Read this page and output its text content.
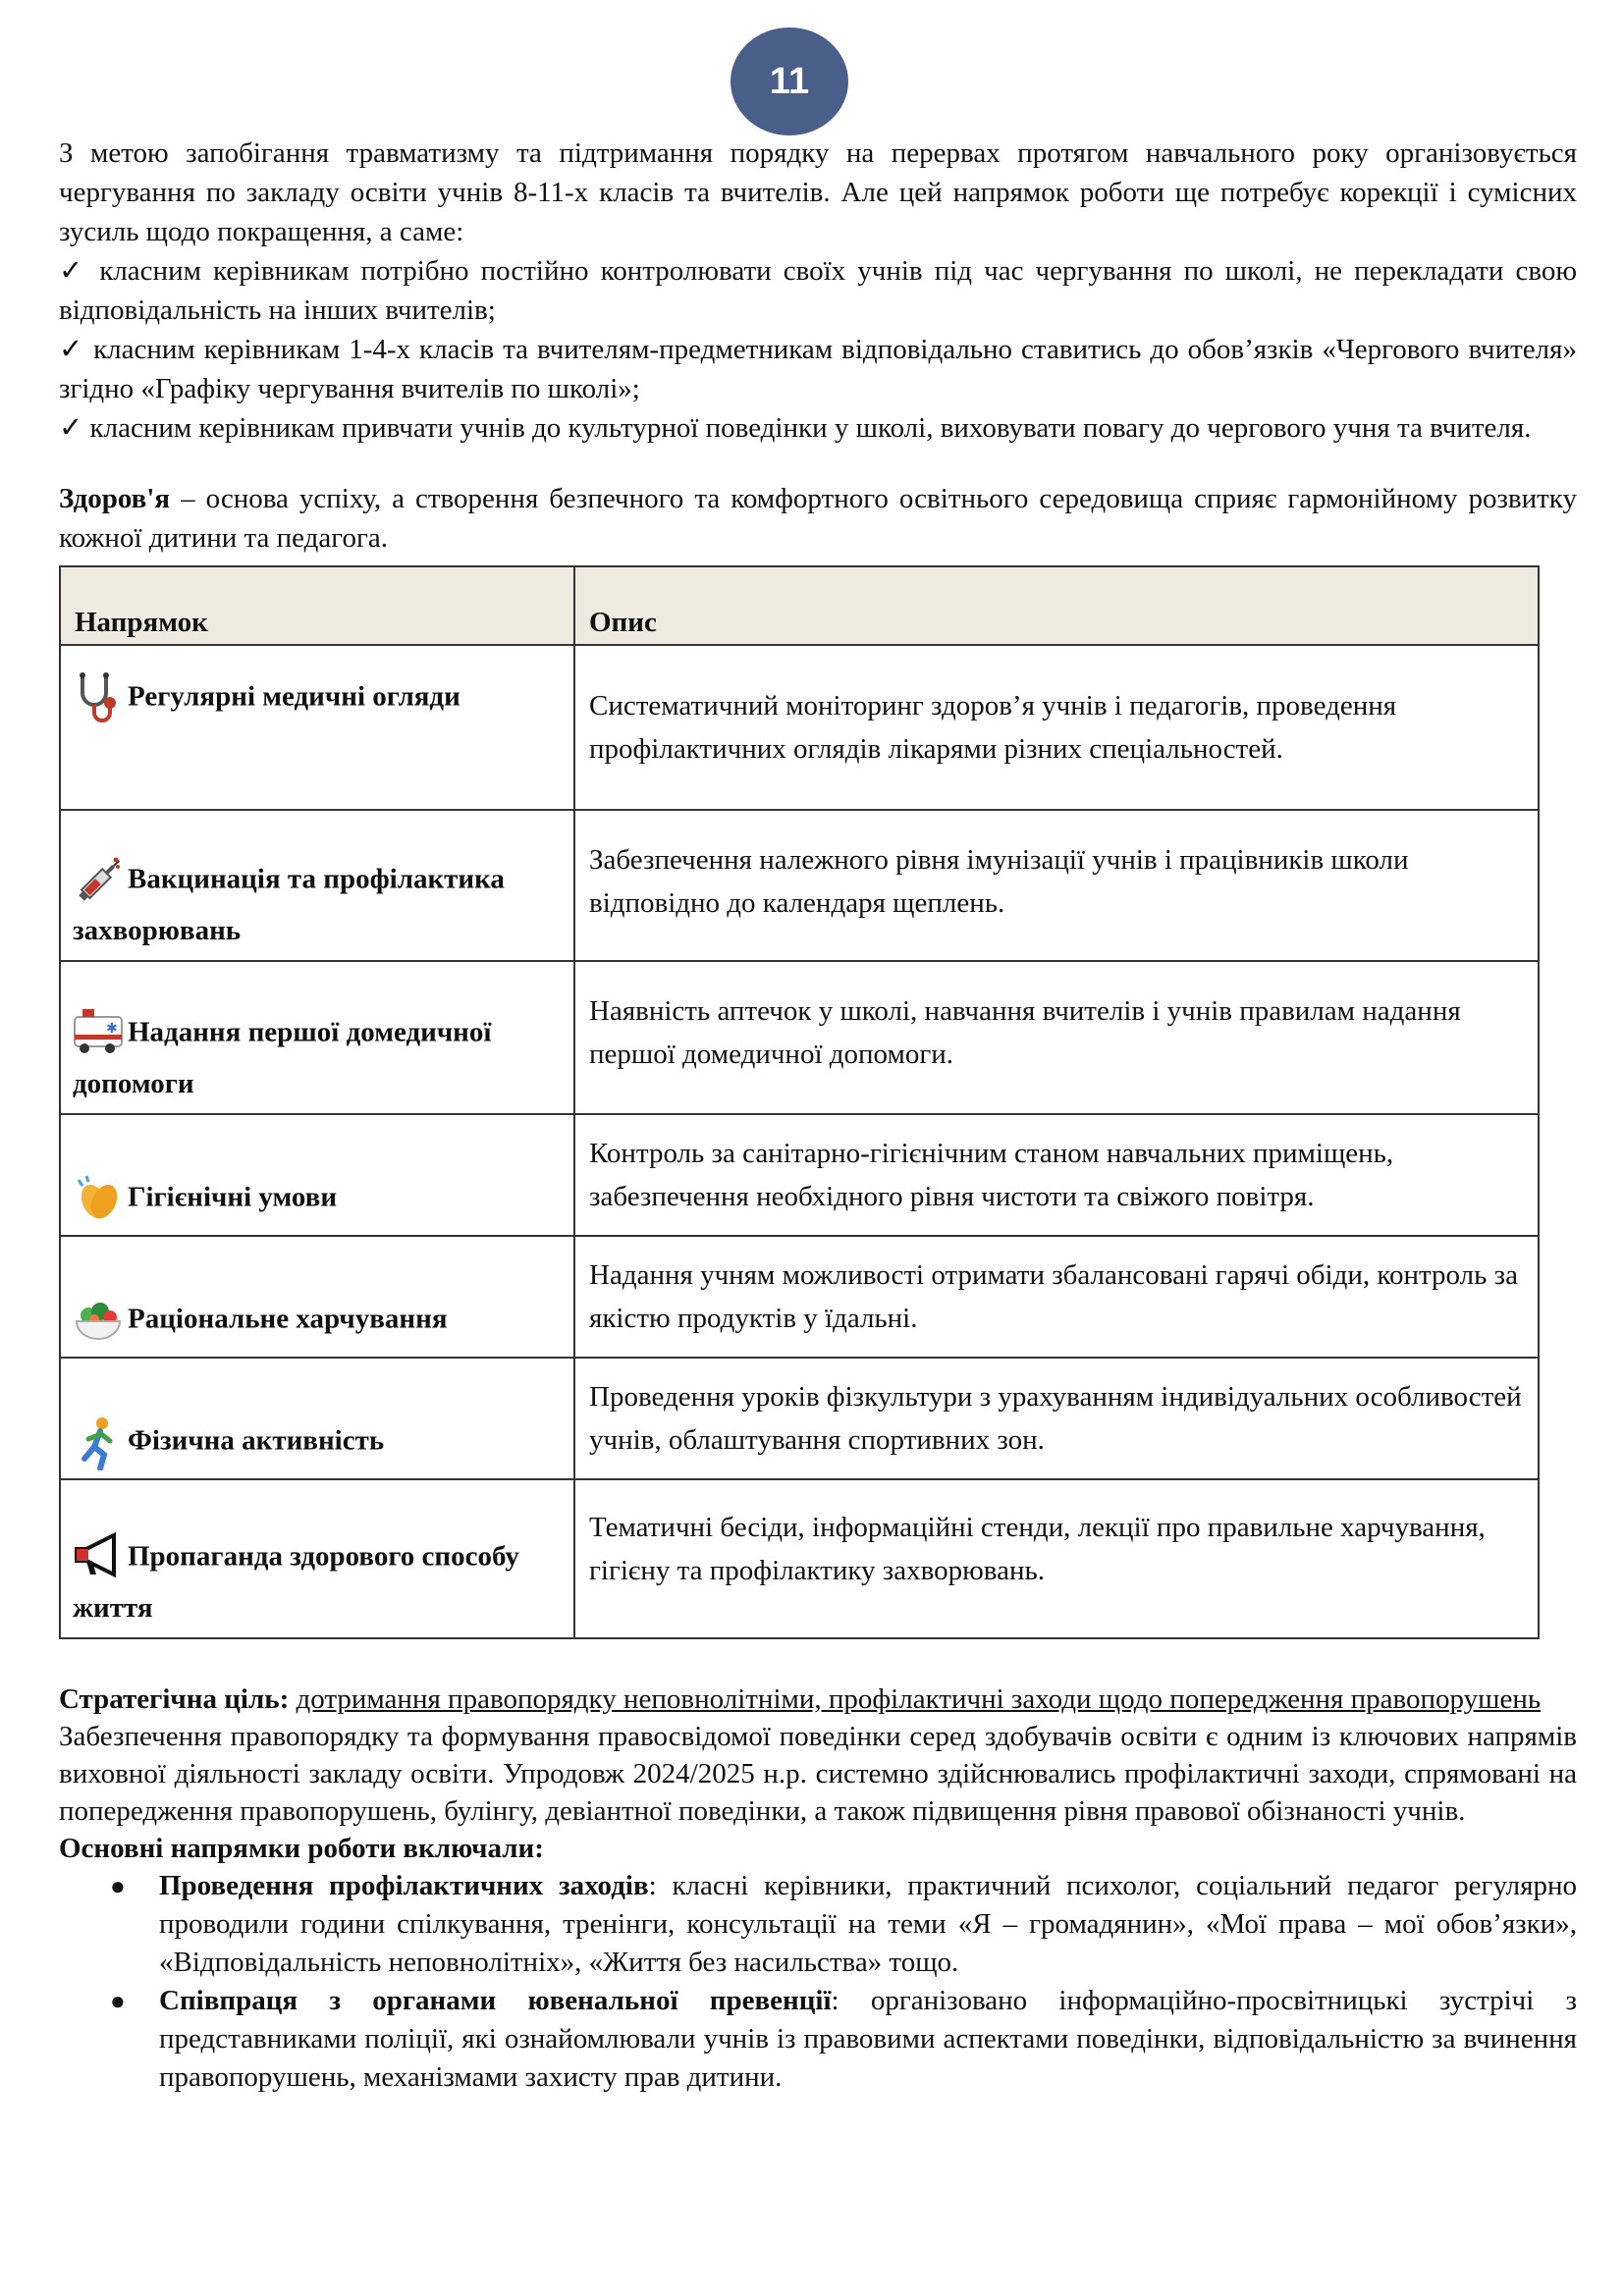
11

З метою запобігання травматизму та підтримання порядку на перервах протягом навчального року організовується чергування по закладу освіти учнів 8-11-х класів та вчителів. Але цей напрямок роботи ще потребує корекції і сумісних зусиль щодо покращення, а саме:

✓ класним керівникам потрібно постійно контролювати своїх учнів під час чергування по школі, не перекладати свою відповідальність на інших вчителів;

✓ класним керівникам 1-4-х класів та вчителям-предметникам відповідально ставитись до обов’язків «Чергового вчителя» згідно «Графіку чергування вчителів по школі»;

✓ класним керівникам привчати учнів до культурної поведінки у школі, виховувати повагу до чергового учня та вчителя.

Здоров'я – основа успіху, а створення безпечного та комфортного освітнього середовища сприяє гармонійному розвитку кожної дитини та педагога.

Напрямок	Опис
Регулярні медичні огляди	Систематичний моніторинг здоров’я учнів і педагогів, проведення профілактичних оглядів лікарями різних спеціальностей.
Вакцинація та профілактика захворювань	Забезпечення належного рівня імунізації учнів і працівників школи відповідно до календаря щеплень.

✱ Надання першої домедичної допомоги	Наявність аптечок у школі, навчання вчителів і учнів правилам надання першої домедичної допомоги.
Гігієнічні умови	Контроль за санітарно-гігієнічним станом навчальних приміщень, забезпечення необхідного рівня чистоти та свіжого повітря.
Раціональне харчування	Надання учням можливості отримати збалансовані гарячі обіди, контроль за якістю продуктів у їдальні.
Фізична активність	Проведення уроків фізкультури з урахуванням індивідуальних особливостей учнів, облаштування спортивних зон.
Пропаганда здорового способу життя	Тематичні бесіди, інформаційні стенди, лекції про правильне харчування, гігієну та профілактику захворювань.

Стратегічна ціль: дотримання правопорядку неповнолітніми, профілактичні заходи щодо попередження правопорушень

Забезпечення правопорядку та формування правосвідомої поведінки серед здобувачів освіти є одним із ключових напрямів виховної діяльності закладу освіти. Упродовж 2024/2025 н.р. системно здійснювались профілактичні заходи, спрямовані на попередження правопорушень, булінгу, девіантної поведінки, а також підвищення рівня правової обізнаності учнів.

Основні напрямки роботи включали:

● Проведення профілактичних заходів: класні керівники, практичний психолог, соціальний педагог регулярно проводили години спілкування, тренінги, консультації на теми «Я – громадянин», «Мої права – мої обов’язки», «Відповідальність неповнолітніх», «Життя без насильства» тощо.
● Співпраця з органами ювенальної превенції: організовано інформаційно-просвітницькі зустрічі з представниками поліції, які ознайомлювали учнів із правовими аспектами поведінки, відповідальністю за вчинення правопорушень, механізмами захисту прав дитини.
